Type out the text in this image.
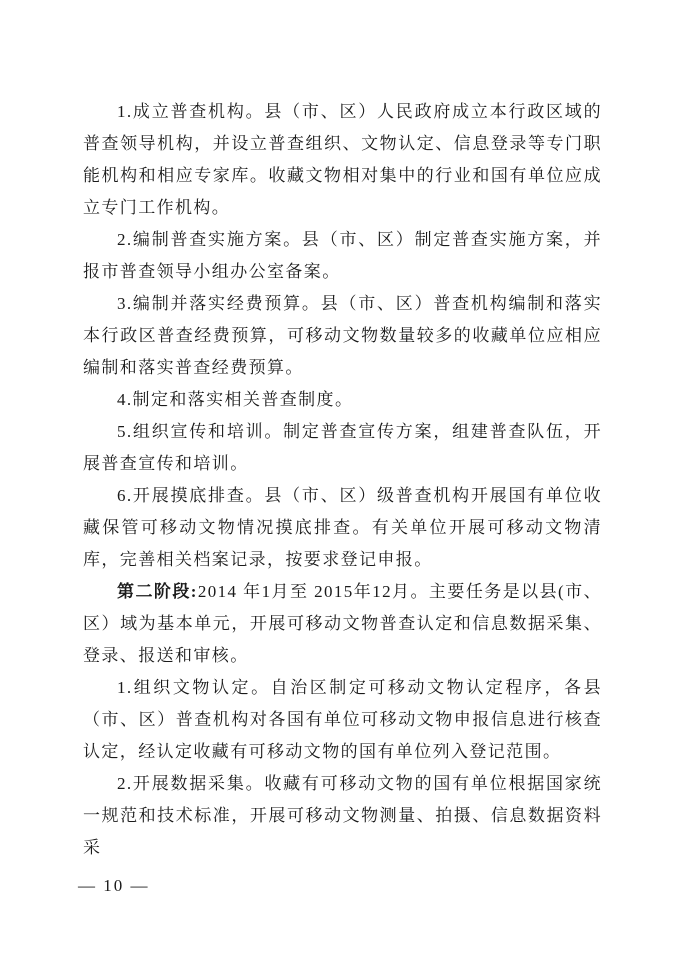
1.成立普查机构。县（市、区）人民政府成立本行政区域的普查领导机构，并设立普查组织、文物认定、信息登录等专门职能机构和相应专家库。收藏文物相对集中的行业和国有单位应成立专门工作机构。

2.编制普查实施方案。县（市、区）制定普查实施方案，并报市普查领导小组办公室备案。

3.编制并落实经费预算。县（市、区）普查机构编制和落实本行政区普查经费预算，可移动文物数量较多的收藏单位应相应编制和落实普查经费预算。

4.制定和落实相关普查制度。

5.组织宣传和培训。制定普查宣传方案，组建普查队伍，开展普查宣传和培训。

6.开展摸底排查。县（市、区）级普查机构开展国有单位收藏保管可移动文物情况摸底排查。有关单位开展可移动文物清库，完善相关档案记录，按要求登记申报。

第二阶段:2014 年1月至 2015年12月。主要任务是以县(市、区）域为基本单元，开展可移动文物普查认定和信息数据采集、登录、报送和审核。

1.组织文物认定。自治区制定可移动文物认定程序，各县（市、区）普查机构对各国有单位可移动文物申报信息进行核查认定，经认定收藏有可移动文物的国有单位列入登记范围。

2.开展数据采集。收藏有可移动文物的国有单位根据国家统一规范和技术标准，开展可移动文物测量、拍摄、信息数据资料采

— 10 —
